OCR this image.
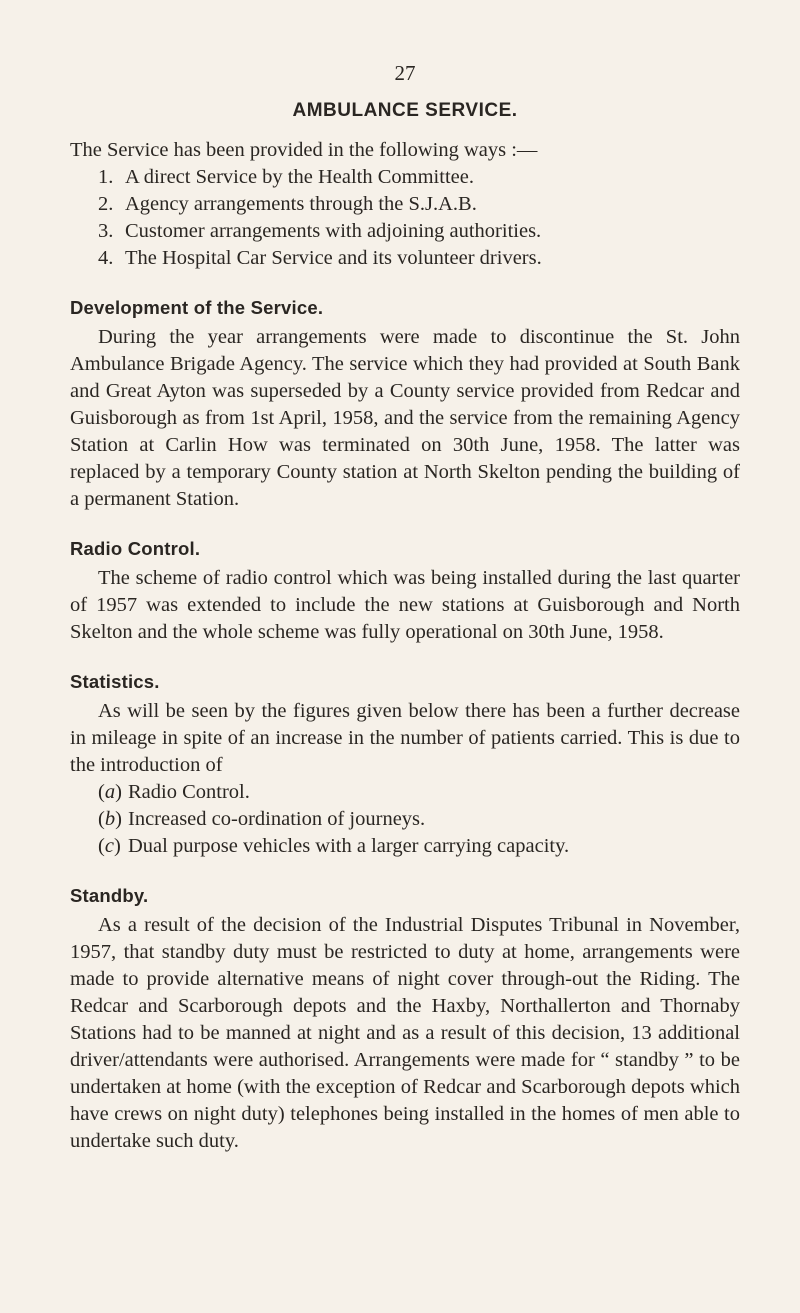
27
AMBULANCE SERVICE.

The Service has been provided in the following ways :—

1. A direct Service by the Health Committee.
2. Agency arrangements through the S.J.A.B.
3. Customer arrangements with adjoining authorities.
4. The Hospital Car Service and its volunteer drivers.
Development of the Service.

During the year arrangements were made to discontinue the St. John Ambulance Brigade Agency. The service which they had provided at South Bank and Great Ayton was superseded by a County service provided from Redcar and Guisborough as from 1st April, 1958, and the service from the remaining Agency Station at Carlin How was terminated on 30th June, 1958. The latter was replaced by a temporary County station at North Skelton pending the building of a permanent Station.

Radio Control.

The scheme of radio control which was being installed during the last quarter of 1957 was extended to include the new stations at Guisborough and North Skelton and the whole scheme was fully operational on 30th June, 1958.

Statistics.

As will be seen by the figures given below there has been a further decrease in mileage in spite of an increase in the number of patients carried. This is due to the introduction of

(a) Radio Control.
(b) Increased co-ordination of journeys.
(c) Dual purpose vehicles with a larger carrying capacity.
Standby.

As a result of the decision of the Industrial Disputes Tribunal in November, 1957, that standby duty must be restricted to duty at home, arrangements were made to provide alternative means of night cover through-out the Riding. The Redcar and Scarborough depots and the Haxby, Northallerton and Thornaby Stations had to be manned at night and as a result of this decision, 13 additional driver/attendants were authorised. Arrangements were made for “ standby ” to be undertaken at home (with the exception of Redcar and Scarborough depots which have crews on night duty) telephones being installed in the homes of men able to undertake such duty.
